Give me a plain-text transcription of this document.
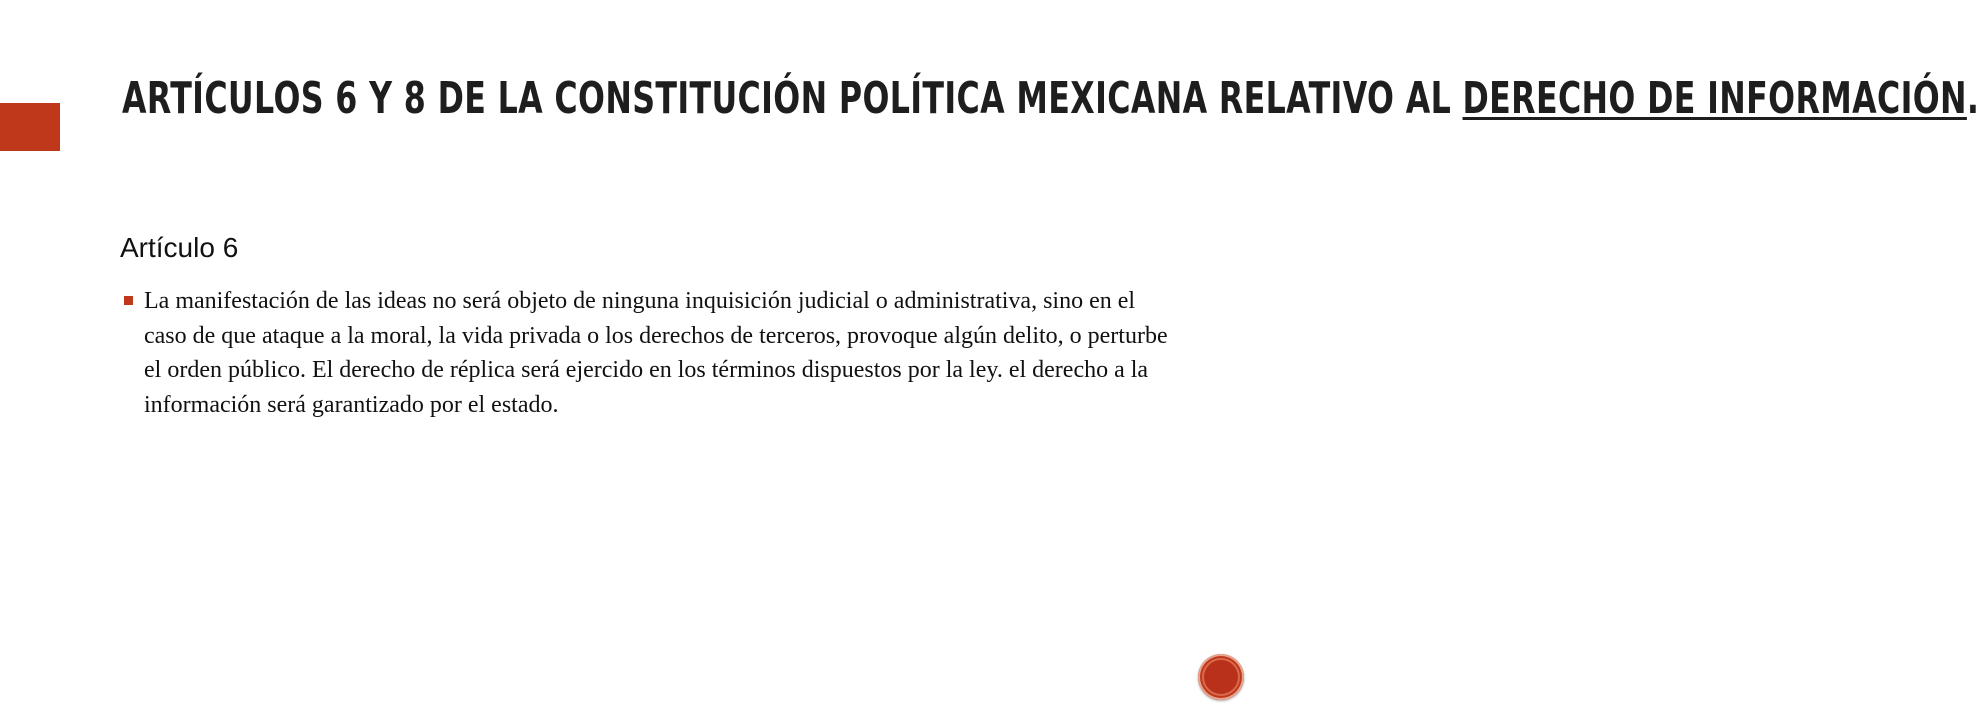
ARTÍCULOS 6 Y 8 DE LA CONSTITUCIÓN POLÍTICA MEXICANA RELATIVO AL DERECHO DE INFORMACIÓN.
Artículo 6
La manifestación de las ideas no será objeto de ninguna inquisición judicial o administrativa, sino en el caso de que ataque a la moral, la vida privada o los derechos de terceros, provoque algún delito, o perturbe el orden público. El derecho de réplica será ejercido en los términos dispuestos por la ley. el derecho a la información será garantizado por el estado.
